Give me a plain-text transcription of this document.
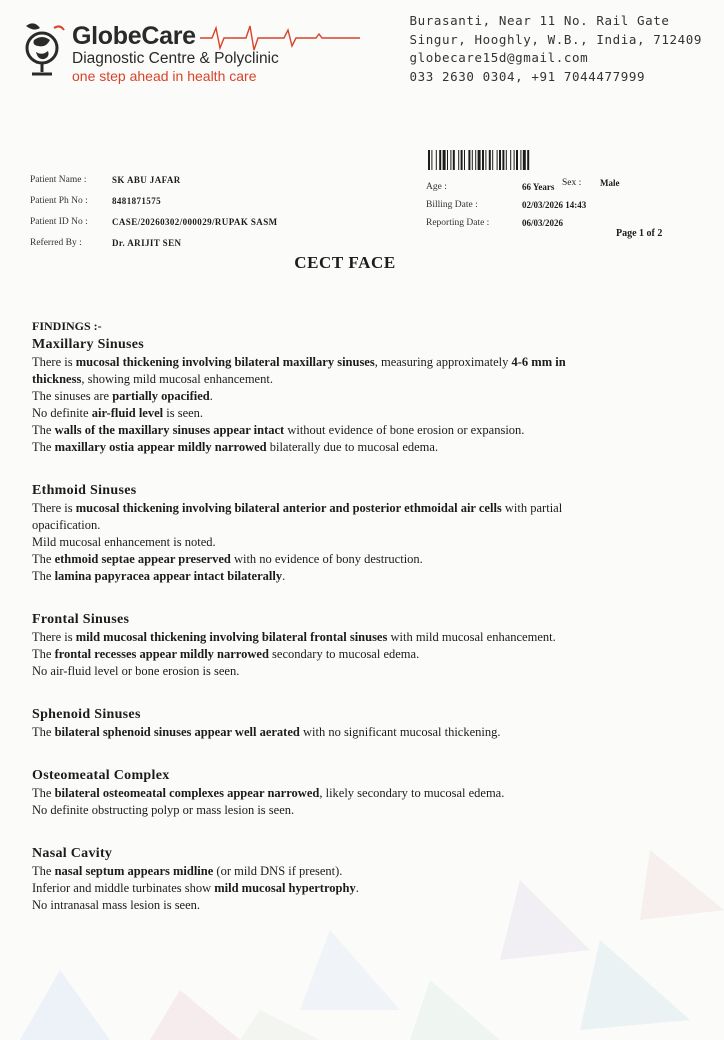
GlobeCare
Diagnostic Centre & Polyclinic
one step ahead in health care
Burasanti, Near 11 No. Rail Gate
Singur, Hooghly, W.B., India, 712409
globecare15d@gmail.com
033 2630 0304, +91 7044477999
Patient Name :	SK ABU JAFAR
Patient Ph No :	8481871575
Patient ID No :	CASE/20260302/000029/RUPAK SASM
Referred By :	Dr. ARIJIT SEN
Age :	66 Years
Billing Date :	02/03/2026 14:43
Reporting Date :	06/03/2026
Sex : Male
Page 1 of 2
CECT FACE
FINDINGS :-
Maxillary Sinuses
There is mucosal thickening involving bilateral maxillary sinuses, measuring approximately 4-6 mm in
thickness, showing mild mucosal enhancement.
The sinuses are partially opacified.
No definite air-fluid level is seen.
The walls of the maxillary sinuses appear intact without evidence of bone erosion or expansion.
The maxillary ostia appear mildly narrowed bilaterally due to mucosal edema.
Ethmoid Sinuses
There is mucosal thickening involving bilateral anterior and posterior ethmoidal air cells with partial
opacification.
Mild mucosal enhancement is noted.
The ethmoid septae appear preserved with no evidence of bony destruction.
The lamina papyracea appear intact bilaterally.
Frontal Sinuses
There is mild mucosal thickening involving bilateral frontal sinuses with mild mucosal enhancement.
The frontal recesses appear mildly narrowed secondary to mucosal edema.
No air-fluid level or bone erosion is seen.
Sphenoid Sinuses
The bilateral sphenoid sinuses appear well aerated with no significant mucosal thickening.
Osteomeatal Complex
The bilateral osteomeatal complexes appear narrowed, likely secondary to mucosal edema.
No definite obstructing polyp or mass lesion is seen.
Nasal Cavity
The nasal septum appears midline (or mild DNS if present).
Inferior and middle turbinates show mild mucosal hypertrophy.
No intranasal mass lesion is seen.
